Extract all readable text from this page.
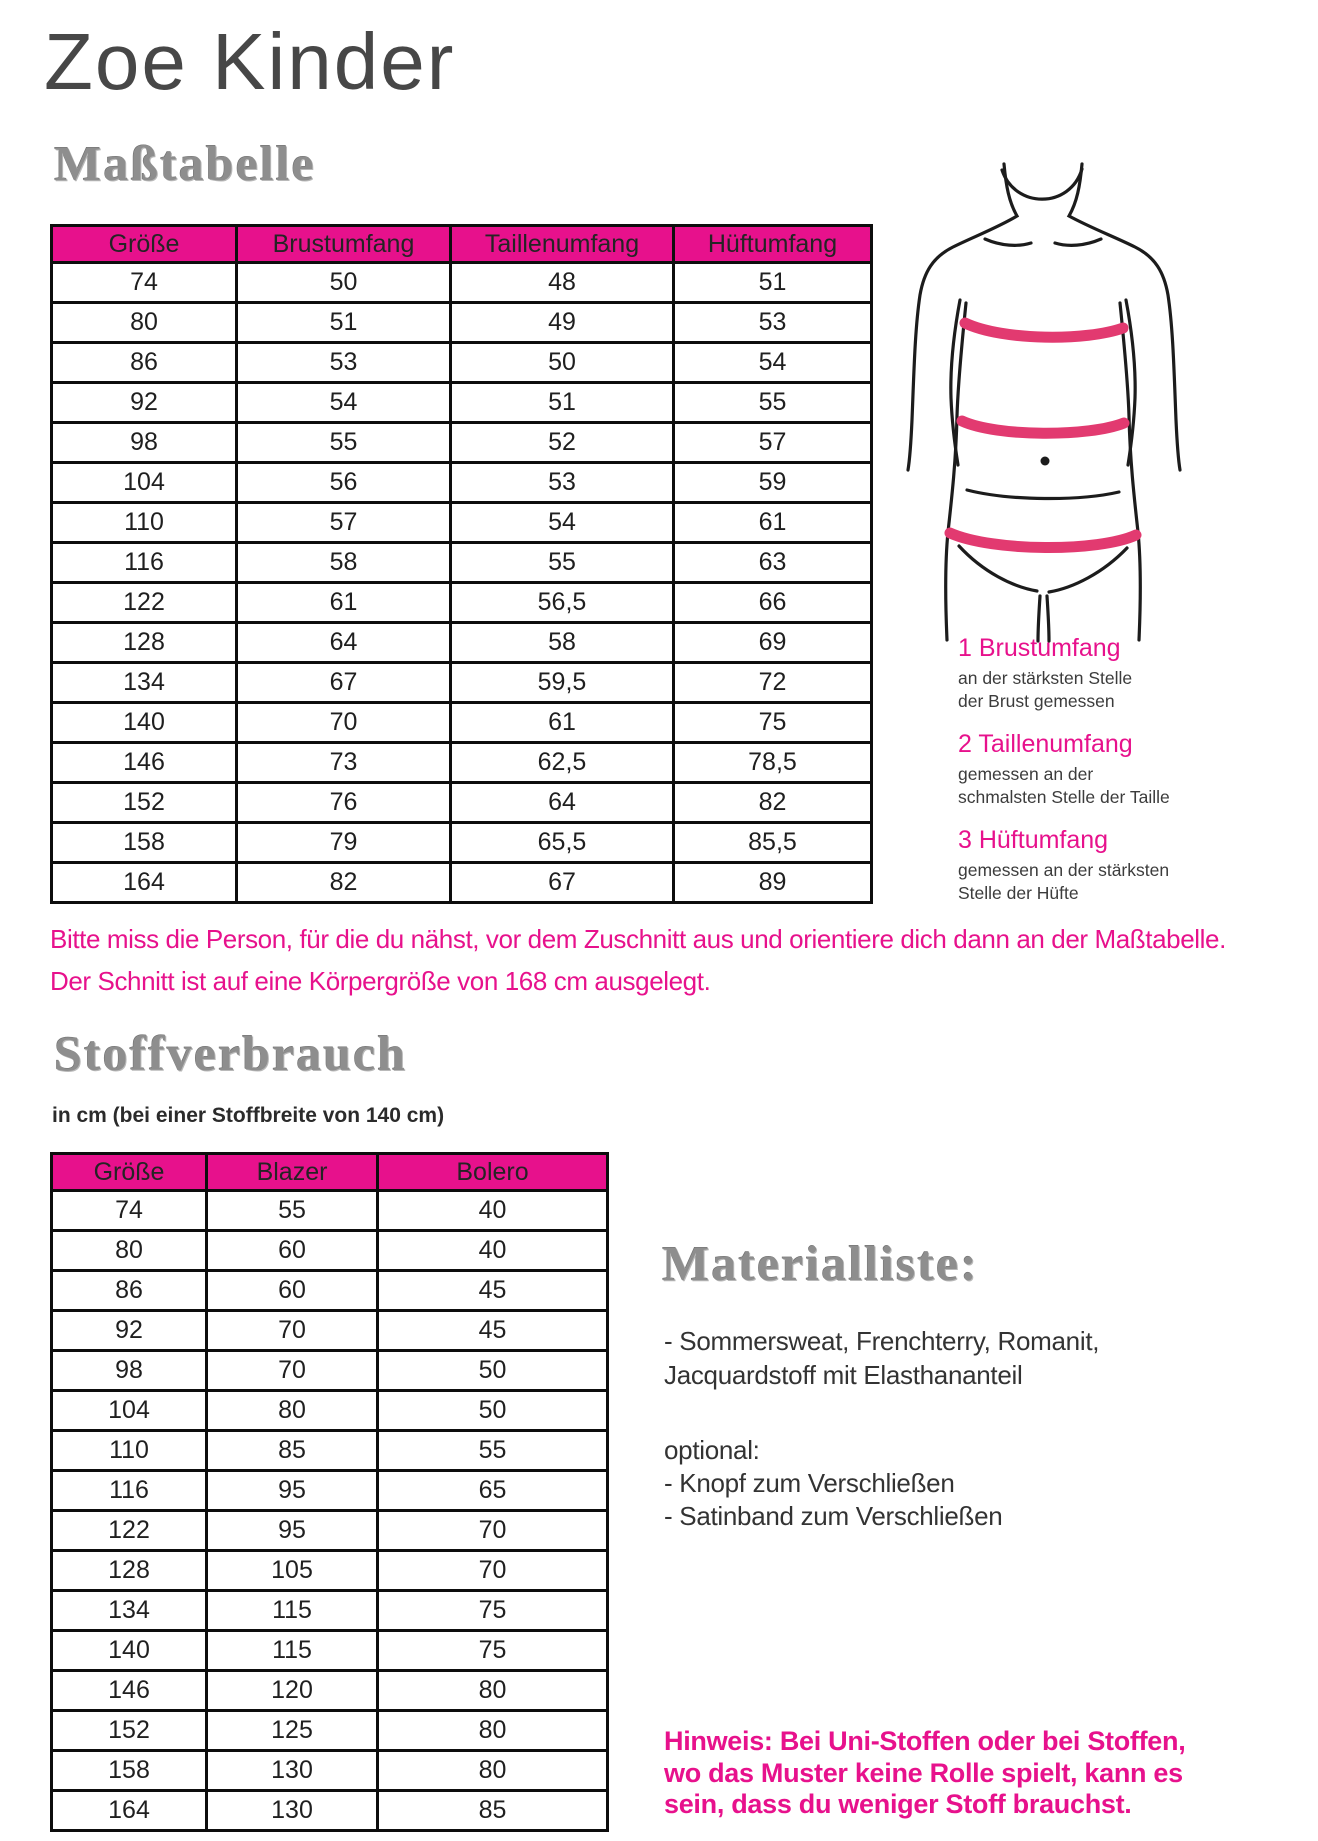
Zoe Kinder
Maßtabelle
Größe	Brustumfang	Taillenumfang	Hüftumfang
74	50	48	51
80	51	49	53
86	53	50	54
92	54	51	55
98	55	52	57
104	56	53	59
110	57	54	61
116	58	55	63
122	61	56,5	66
128	64	58	69
134	67	59,5	72
140	70	61	75
146	73	62,5	78,5
152	76	64	82
158	79	65,5	85,5
164	82	67	89
1 Brustumfang
an der stärksten Stelle
der Brust gemessen
2 Taillenumfang
gemessen an der
schmalsten Stelle der Taille
3 Hüftumfang
gemessen an der stärksten
Stelle der Hüfte
Bitte miss die Person, für die du nähst, vor dem Zuschnitt aus und orientiere dich dann an der Maßtabelle.
Der Schnitt ist auf eine Körpergröße von 168 cm ausgelegt.
Stoffverbrauch
in cm (bei einer Stoffbreite von 140 cm)
Größe	Blazer	Bolero
74	55	40
80	60	40
86	60	45
92	70	45
98	70	50
104	80	50
110	85	55
116	95	65
122	95	70
128	105	70
134	115	75
140	115	75
146	120	80
152	125	80
158	130	80
164	130	85
Materialliste:
- Sommersweat, Frenchterry, Romanit,
Jacquardstoff mit Elasthananteil
optional:
- Knopf zum Verschließen
- Satinband zum Verschließen
Hinweis: Bei Uni-Stoffen oder bei Stoffen,
wo das Muster keine Rolle spielt, kann es
sein, dass du weniger Stoff brauchst.
